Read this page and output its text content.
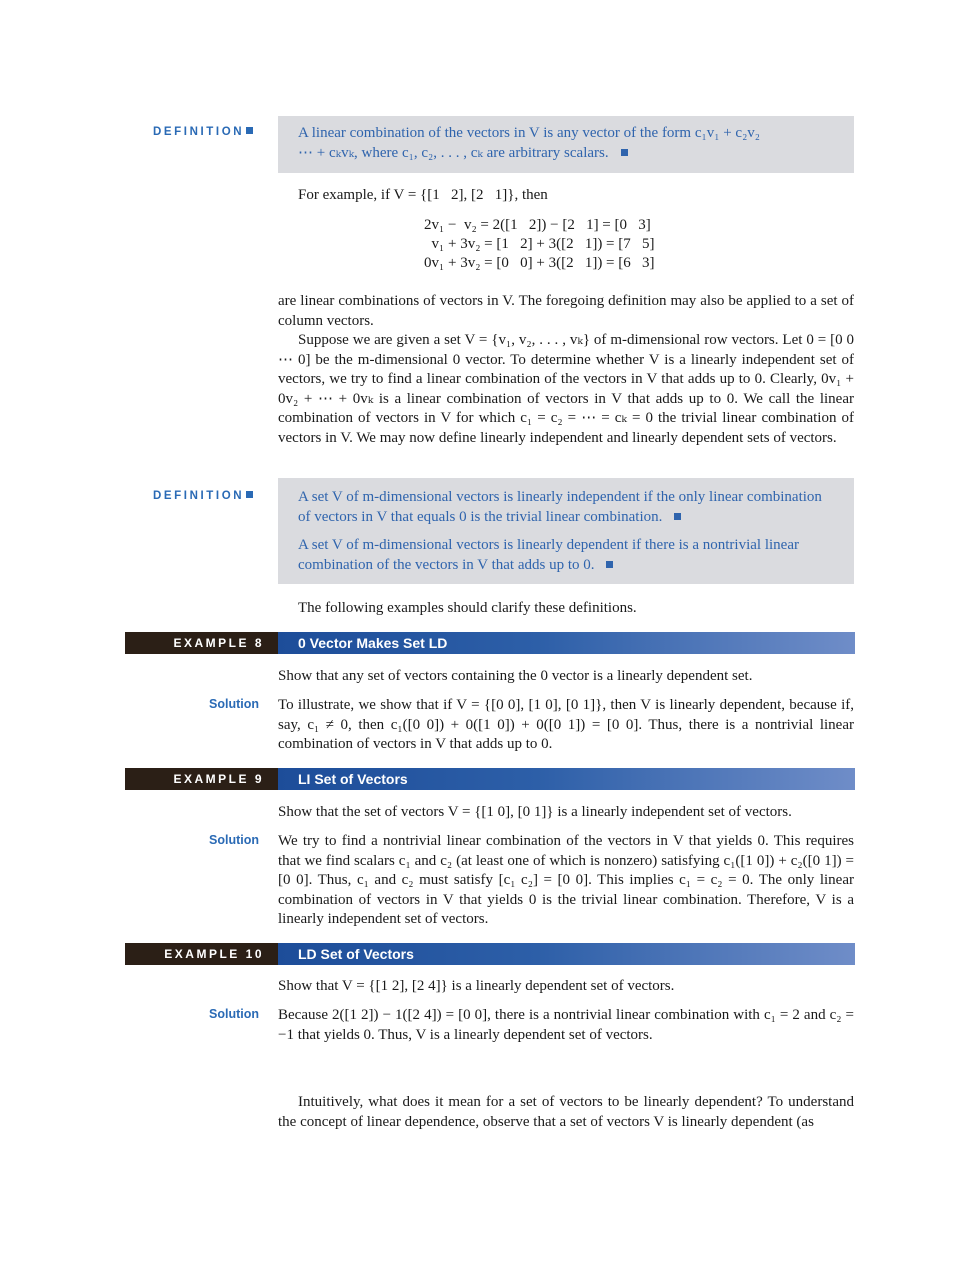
DEFINITION	A linear combination of the vectors in V is any vector of the form c₁v₁ + c₂v₂
⋯ + cₖvₖ, where c₁, c₂, . . . , cₖ are arbitrary scalars.
For example, if V = {[1   2], [2   1]}, then
2v₁ −  v₂ = 2([1   2]) − [2   1] = [0   3]
v₁ + 3v₂ = [1   2] + 3([2   1]) = [7   5]
0v₁ + 3v₂ = [0   0] + 3([2   1]) = [6   3]

are linear combinations of vectors in V. The foregoing definition may also be applied to a set of column vectors.

Suppose we are given a set V = {v₁, v₂, . . . , vₖ} of m-dimensional row vectors. Let 0 = [0 0 ⋯ 0] be the m-dimensional 0 vector. To determine whether V is a linearly independent set of vectors, we try to find a linear combination of the vectors in V that adds up to 0. Clearly, 0v₁ + 0v₂ + ⋯ + 0vₖ is a linear combination of vectors in V that adds up to 0. We call the linear combination of vectors in V for which c₁ = c₂ = ⋯ = cₖ = 0 the trivial linear combination of vectors in V. We may now define linearly independent and linearly dependent sets of vectors.

DEFINITION	A set V of m-dimensional vectors is linearly independent if the only linear combination of vectors in V that equals 0 is the trivial linear combination.
A set V of m-dimensional vectors is linearly dependent if there is a nontrivial linear combination of the vectors in V that adds up to 0.
The following examples should clarify these definitions.
EXAMPLE 8	0 Vector Makes Set LD
Show that any set of vectors containing the 0 vector is a linearly dependent set.
Solution To illustrate, we show that if V = {[0 0], [1 0], [0 1]}, then V is linearly dependent, because if, say, c₁ ≠ 0, then c₁([0 0]) + 0([1 0]) + 0([0 1]) = [0 0]. Thus, there is a nontrivial linear combination of vectors in V that adds up to 0.
EXAMPLE 9	LI Set of Vectors
Show that the set of vectors V = {[1 0], [0 1]} is a linearly independent set of vectors.
Solution We try to find a nontrivial linear combination of the vectors in V that yields 0. This requires that we find scalars c₁ and c₂ (at least one of which is nonzero) satisfying c₁([1 0]) + c₂([0 1]) = [0 0]. Thus, c₁ and c₂ must satisfy [c₁ c₂] = [0 0]. This implies c₁ = c₂ = 0. The only linear combination of vectors in V that yields 0 is the trivial linear combination. Therefore, V is a linearly independent set of vectors.
EXAMPLE 10	LD Set of Vectors
Show that V = {[1 2], [2 4]} is a linearly dependent set of vectors.
Solution Because 2([1 2]) − 1([2 4]) = [0 0], there is a nontrivial linear combination with c₁ = 2 and c₂ = −1 that yields 0. Thus, V is a linearly dependent set of vectors.
Intuitively, what does it mean for a set of vectors to be linearly dependent? To understand the concept of linear dependence, observe that a set of vectors V is linearly dependent (as
